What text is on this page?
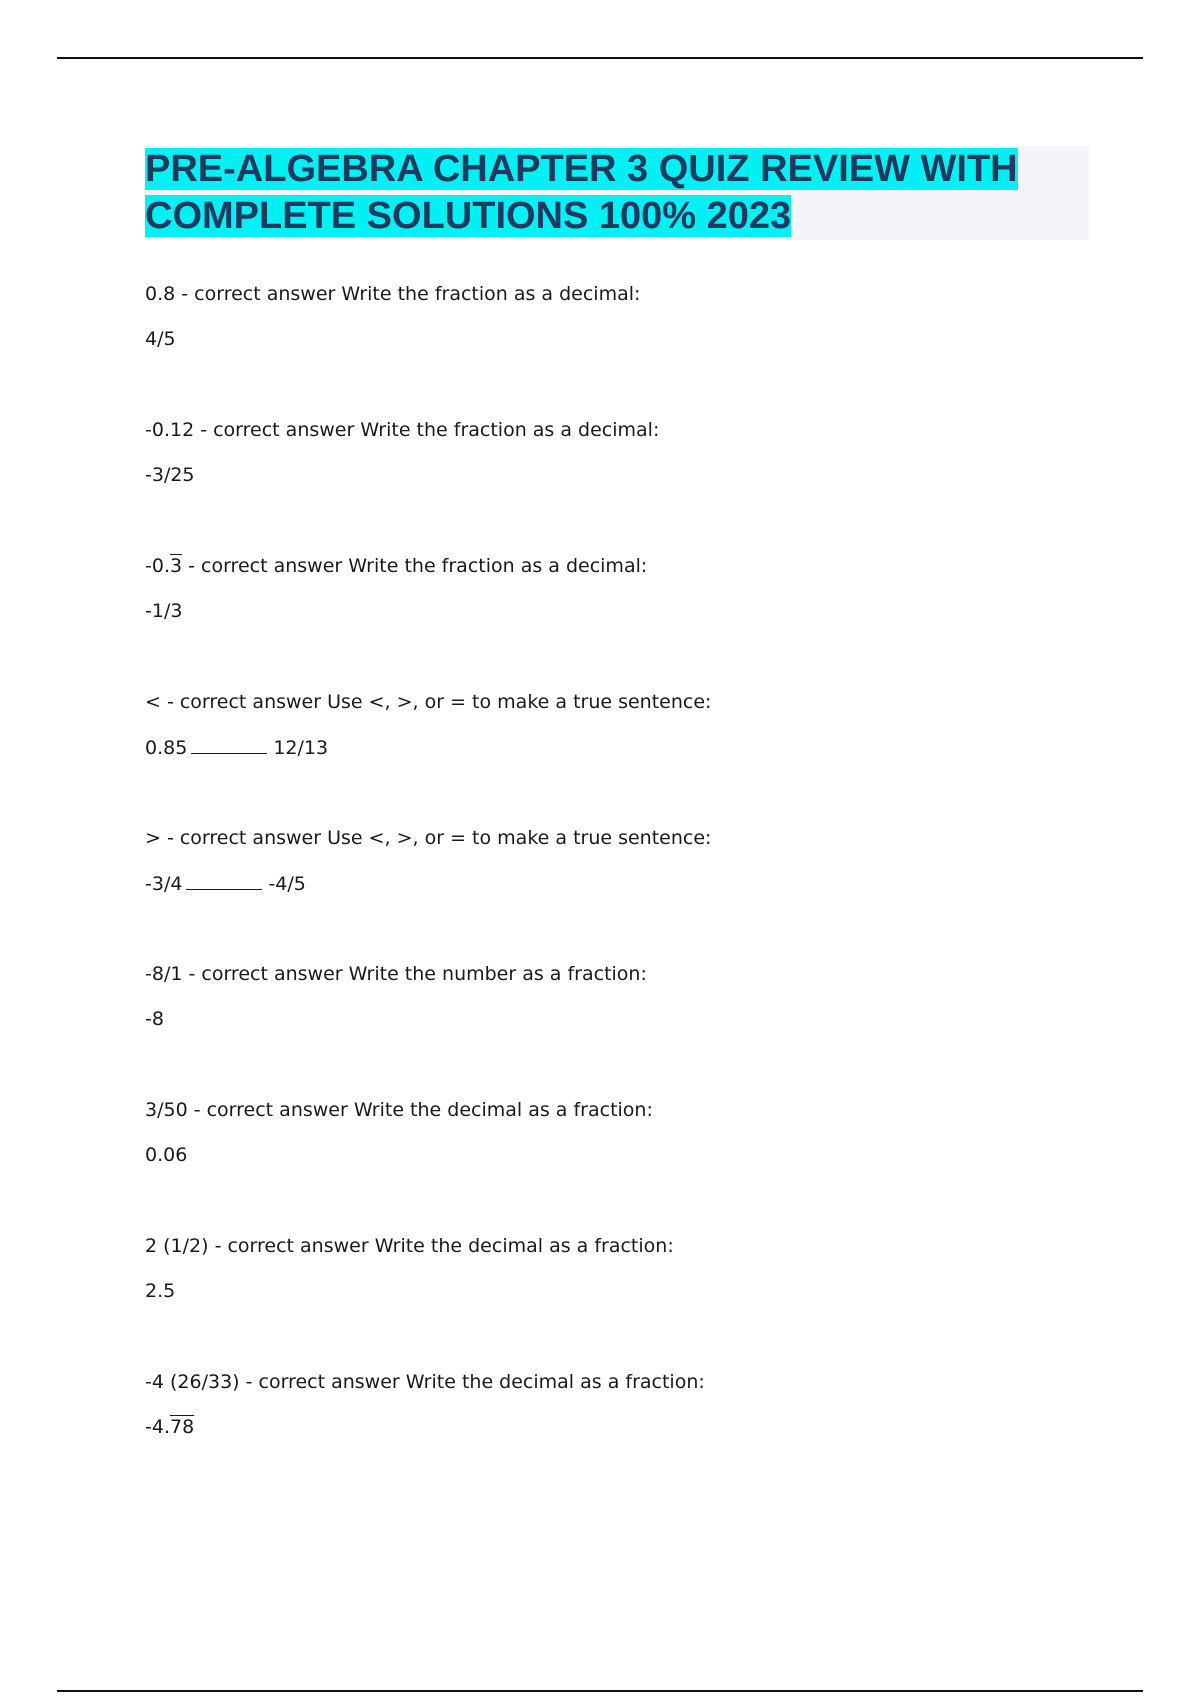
PRE-ALGEBRA CHAPTER 3 QUIZ REVIEW WITH
COMPLETE SOLUTIONS 100% 2023
0.8 - correct answer Write the fraction as a decimal:
4/5
-0.12 - correct answer Write the fraction as a decimal:
-3/25
-0.3 - correct answer Write the fraction as a decimal:
-1/3
< - correct answer Use <, >, or = to make a true sentence:
0.85	12/13
> - correct answer Use <, >, or = to make a true sentence:
-3/4	-4/5
-8/1 - correct answer Write the number as a fraction:
-8
3/50 - correct answer Write the decimal as a fraction:
0.06
2 (1/2) - correct answer Write the decimal as a fraction:
2.5
-4 (26/33) - correct answer Write the decimal as a fraction:
-4.78
